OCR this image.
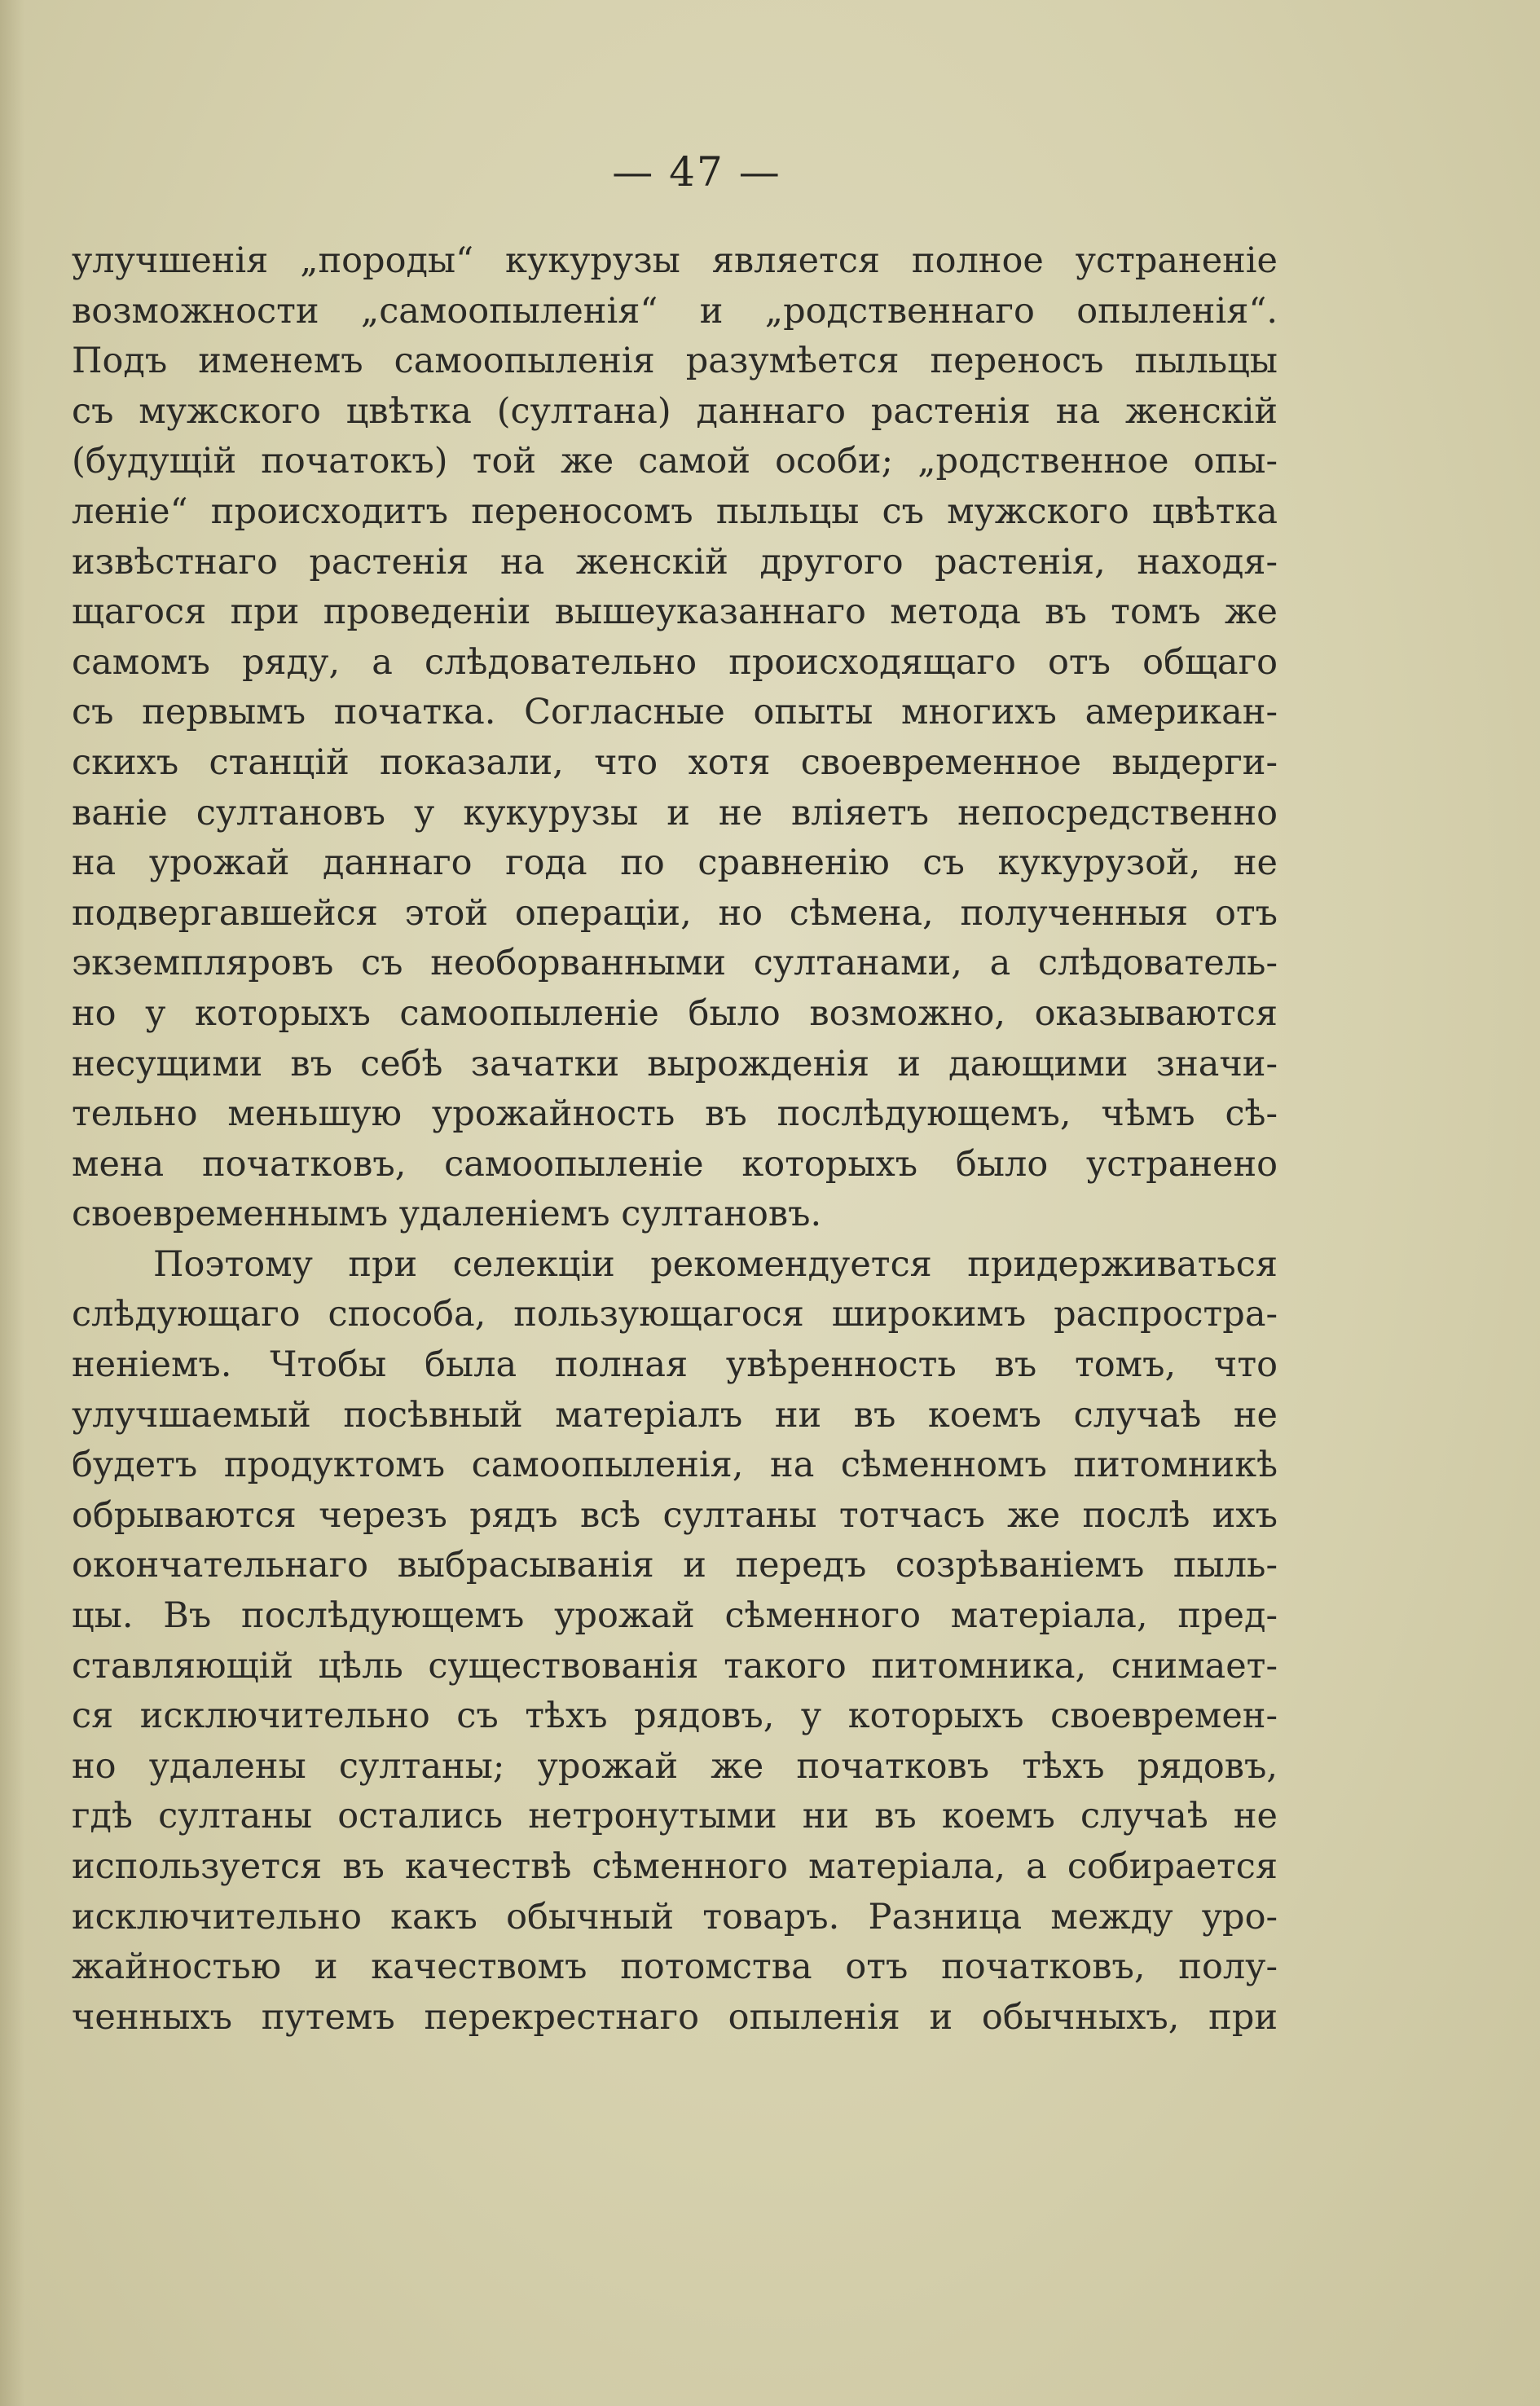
— 47 —
улучшенія „породы“ кукурузы является полное устраненіе
возможности „самоопыленія“ и „родственнаго опыленія“.
Подъ именемъ самоопыленія разумѣется переносъ пыльцы
съ мужского цвѣтка (султана) даннаго растенія на женскій
(будущій початокъ) той же самой особи; „родственное опы-
леніе“ происходитъ переносомъ пыльцы съ мужского цвѣтка
извѣстнаго растенія на женскій другого растенія, находя-
щагося при проведеніи вышеуказаннаго метода въ томъ же
самомъ ряду, а слѣдовательно происходящаго отъ общаго
съ первымъ початка. Согласные опыты многихъ американ-
скихъ станцій показали, что хотя своевременное выдерги-
ваніе султановъ у кукурузы и не вліяетъ непосредственно
на урожай даннаго года по сравненію съ кукурузой, не
подвергавшейся этой операціи, но сѣмена, полученныя отъ
экземпляровъ съ необорванными султанами, а слѣдователь-
но у которыхъ самоопыленіе было возможно, оказываются
несущими въ себѣ зачатки вырожденія и дающими значи-
тельно меньшую урожайность въ послѣдующемъ, чѣмъ сѣ-
мена початковъ, самоопыленіе которыхъ было устранено
своевременнымъ удаленіемъ султановъ.
Поэтому при селекціи рекомендуется придерживаться
слѣдующаго способа, пользующагося широкимъ распростра-
неніемъ. Чтобы была полная увѣренность въ томъ, что
улучшаемый посѣвный матеріалъ ни въ коемъ случаѣ не
будетъ продуктомъ самоопыленія, на сѣменномъ питомникѣ
обрываются черезъ рядъ всѣ султаны тотчасъ же послѣ ихъ
окончательнаго выбрасыванія и передъ созрѣваніемъ пыль-
цы. Въ послѣдующемъ урожай сѣменного матеріала, пред-
ставляющій цѣль существованія такого питомника, снимает-
ся исключительно съ тѣхъ рядовъ, у которыхъ своевремен-
но удалены султаны; урожай же початковъ тѣхъ рядовъ,
гдѣ султаны остались нетронутыми ни въ коемъ случаѣ не
используется въ качествѣ сѣменного матеріала, а собирается
исключительно какъ обычный товаръ. Разница между уро-
жайностью и качествомъ потомства отъ початковъ, полу-
ченныхъ путемъ перекрестнаго опыленія и обычныхъ, при
